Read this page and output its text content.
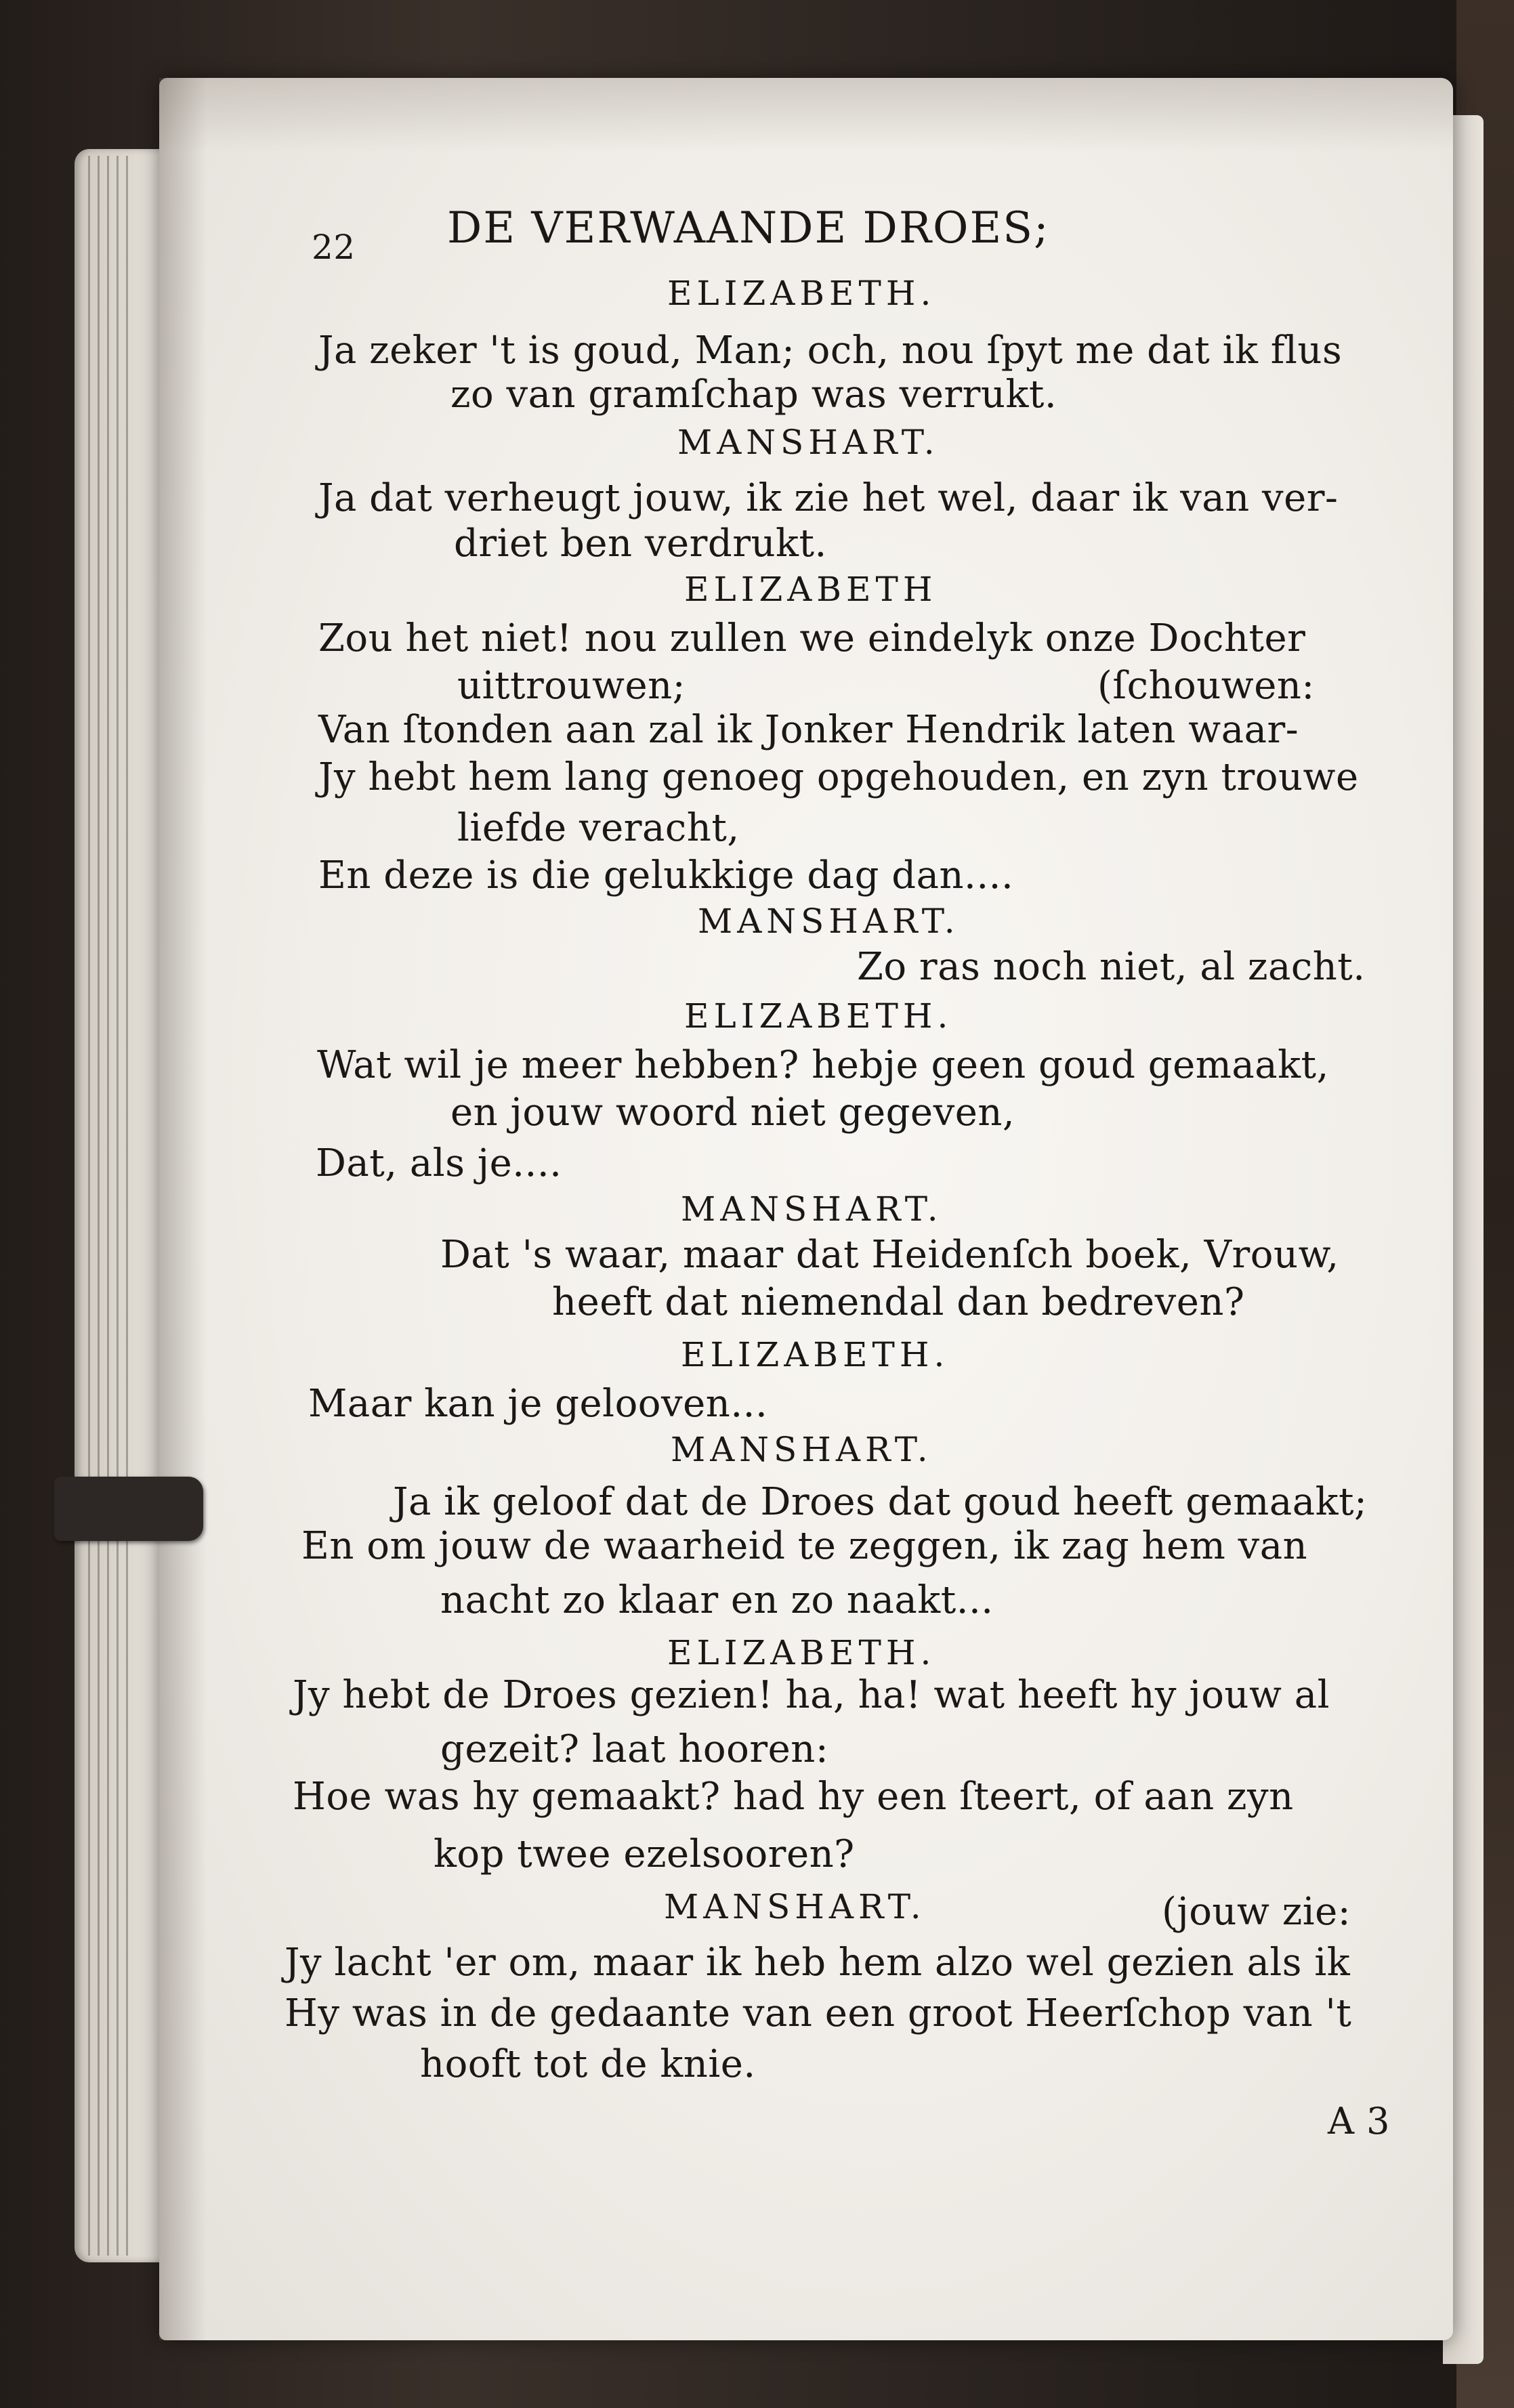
22 DE VERWAANDE DROES;
ELIZABETH.
Ja zeker 't is goud, Man; och, nou ſpyt me dat ik flus
zo van gramſchap was verrukt.
MANSHART.
Ja dat verheugt jouw, ik zie het wel, daar ik van ver-
driet ben verdrukt.
ELIZABETH
Zou het niet! nou zullen we eindelyk onze Dochter
uittrouwen;	(ſchouwen:
Van ſtonden aan zal ik Jonker Hendrik laten waar-
Jy hebt hem lang genoeg opgehouden, en zyn trouwe
liefde veracht,
En deze is die gelukkige dag dan....
MANSHART.
Zo ras noch niet, al zacht.
ELIZABETH.
Wat wil je meer hebben? hebje geen goud gemaakt,
en jouw woord niet gegeven,
Dat, als je....
MANSHART.
Dat 's waar, maar dat Heidenſch boek, Vrouw,
heeft dat niemendal dan bedreven?
ELIZABETH.
Maar kan je gelooven...
MANSHART.
Ja ik geloof dat de Droes dat goud heeft gemaakt;
En om jouw de waarheid te zeggen, ik zag hem van
nacht zo klaar en zo naakt...
ELIZABETH.
Jy hebt de Droes gezien! ha, ha! wat heeft hy jouw al
gezeit? laat hooren:
Hoe was hy gemaakt? had hy een ſteert, of aan zyn
kop twee ezelsooren?
MANSHART.	(jouw zie:
Jy lacht 'er om, maar ik heb hem alzo wel gezien als ik
Hy was in de gedaante van een groot Heerſchop van 't
hooft tot de knie.
A 3
